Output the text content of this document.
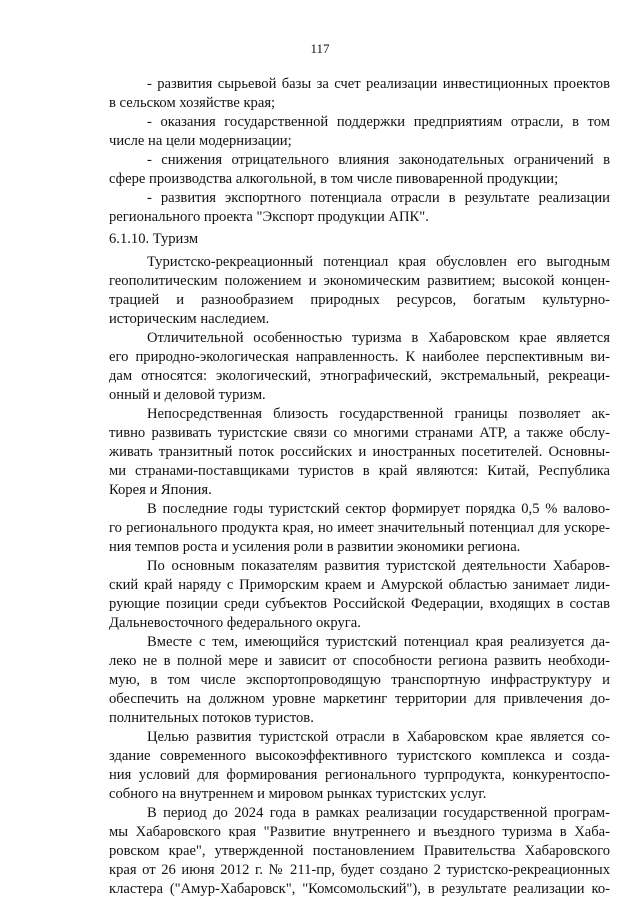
117
- развития сырьевой базы за счет реализации инвестиционных проектов
в сельском хозяйстве края;
- оказания государственной поддержки предприятиям отрасли, в том
числе на цели модернизации;
- снижения отрицательного влияния законодательных ограничений в
сфере производства алкогольной, в том числе пивоваренной продукции;
- развития экспортного потенциала отрасли в результате реализации
регионального проекта "Экспорт продукции АПК".
6.1.10. Туризм
Туристско-рекреационный потенциал края обусловлен его выгодным
геополитическим положением и экономическим развитием; высокой концен-
трацией и разнообразием природных ресурсов, богатым культурно-
историческим наследием.
Отличительной особенностью туризма в Хабаровском крае является
его природно-экологическая направленность. К наиболее перспективным ви-
дам относятся: экологический, этнографический, экстремальный, рекреаци-
онный и деловой туризм.
Непосредственная близость государственной границы позволяет ак-
тивно развивать туристские связи со многими странами АТР, а также обслу-
живать транзитный поток российских и иностранных посетителей. Основны-
ми странами-поставщиками туристов в край являются: Китай, Республика
Корея и Япония.
В последние годы туристский сектор формирует порядка 0,5 % валово-
го регионального продукта края, но имеет значительный потенциал для ускоре-
ния темпов роста и усиления роли в развитии экономики региона.
По основным показателям развития туристской деятельности Хабаров-
ский край наряду с Приморским краем и Амурской областью занимает лиди-
рующие позиции среди субъектов Российской Федерации, входящих в состав
Дальневосточного федерального округа.
Вместе с тем, имеющийся туристский потенциал края реализуется да-
леко не в полной мере и зависит от способности региона развить необходи-
мую, в том числе экспортопроводящую транспортную инфраструктуру и
обеспечить на должном уровне маркетинг территории для привлечения до-
полнительных потоков туристов.
Целью развития туристской отрасли в Хабаровском крае является со-
здание современного высокоэффективного туристского комплекса и созда-
ния условий для формирования регионального турпродукта, конкурентоспо-
собного на внутреннем и мировом рынках туристских услуг.
В период до 2024 года в рамках реализации государственной програм-
мы Хабаровского края "Развитие внутреннего и въездного туризма в Хаба-
ровском крае", утвержденной постановлением Правительства Хабаровского
края от 26 июня 2012 г. № 211-пр, будет создано 2 туристско-рекреационных
кластера ("Амур-Хабаровск", "Комсомольский"), в результате реализации ко-
